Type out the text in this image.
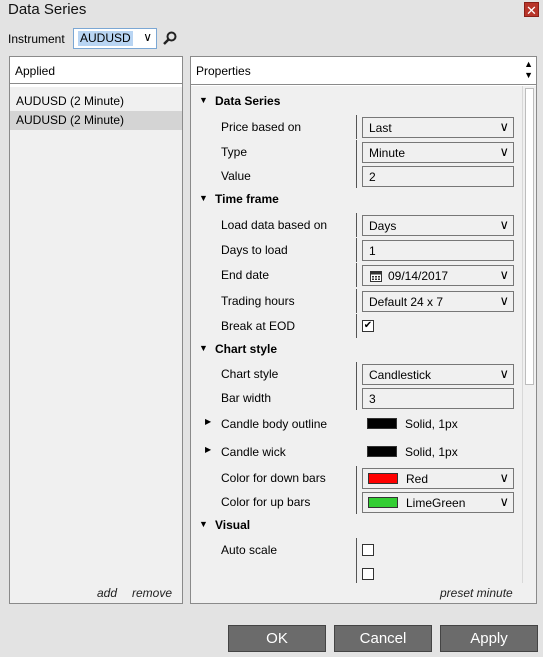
Data Series	✕
Instrument AUDUSD ∨
Applied
AUDUSD (2 Minute)
AUDUSD (2 Minute)
add remove
Properties	▲
▼
▼ Data Series
Price based on	Last	∨
Type	Minute	∨
Value	2
▼ Time frame
Load data based on	Days	∨
Days to load	1
End date	09/14/2017	∨
Trading hours	Default 24 x 7	∨
Break at EOD	✔
▼ Chart style
Chart style	Candlestick	∨
Bar width	3
▶ Candle body outline	Solid, 1px
▶ Candle wick	Solid, 1px
Color for down bars	Red	∨
Color for up bars	LimeGreen	∨
▼ Visual
Auto scale
preset minute
OK	Cancel	Apply
